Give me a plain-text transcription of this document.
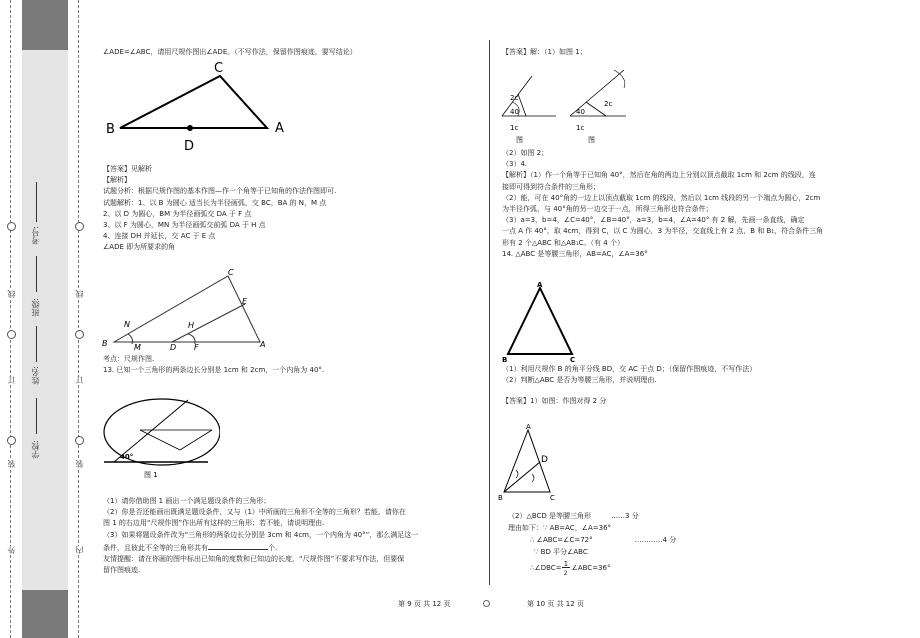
外
装
订
线
内
装
订
线
学校:
姓名:
班级:
考号:

∠ADE=∠ABC，请用尺规作图出∠ADE。（不写作法，保留作图痕迹，要写结论）

C
B	A
D

【答案】见解析

【解析】

试题分析：根据尺规作图的基本作图—作一个角等于已知角的作法作图即可.

试题解析：1、以 B 为圆心 适当长为半径画弧，交 BC，BA 的 N，M 点

2、以 D 为圆心，BM 为半径画弧交 DA 于 F 点

3、以 F 为圆心，MN 为半径画弧交前弧 DA 于 H 点

4、连接 DH 并延长，交 AC 于 E 点

∠ADE 即为所要求的角

C
E
N	H
B	M	D F	A

考点：尺规作图.

13. 已知一个三角形的两条边长分别是 1cm 和 2cm，一个内角为 40°.

40°
图 1

（1）请你借助图 1 画出一个满足题设条件的三角形；

（2）你是否还能画出既满足题设条件，又与（1）中所画的三角形不全等的三角形？若能，请你在

图 1 的右边用“尺规作图”作出所有这样的三角形；若不能，请说明理由.

（3）如果将题设条件改为“三角形的两条边长分别是 3cm 和 4cm，一个内角为 40°”，那么满足这一

条件，且彼此不全等的三角形共有	个.

友情提醒：请在你画的图中标出已知角的度数和已知边的长度，“尺规作图”不要求写作法，但要保

留作图痕迹.

【答案】解：（1）如图 1；

2c
40
1c
图
2c
40
1c
图

（2）如图 2；

（3）4.

【解析】（1）作一个角等于已知角 40°，然后在角的两边上分别以顶点截取 1cm 和 2cm 的线段，连

接即可得到符合条件的三角形；

（2）能，可在 40°角的一边上以顶点截取 1cm 的线段，然后以 1cm 线段的另一个端点为圆心，2cm

为半径作弧，与 40°角的另一边交于一点，所得三角形也符合条件；

（3）a=3，b=4，∠C=40°，∠B=40°，a=3，b=4，∠A=40° 有 2 解，先画一条直线，确定

一点 A 作 40°，取 4cm，得到 C，以 C 为圆心，3 为半径，交直线上有 2 点，B 和 B₁，符合条件三角

形有 2 个△ABC 和△AB₁C。（有 4 个）

14. △ABC 是等腰三角形，AB=AC，∠A=36°

A
B	C

（1）利用尺规作 B 的角平分线 BD，交 AC 于点 D；（保留作图痕迹，不写作法）

（2）判断△ABC 是否为等腰三角形，并说明理由.

【答案】1）如图：作图对得 2 分

A
D
B	C

（2）△BCD 是等腰三角形	……3 分

理由如下：∵ AB=AC，∠A=36°

∴ ∠ABC=∠C=72°	…………4 分

∵ BD 平分∠ABC

∴∠DBC=
$\frac{1}{2}$
∠ABC=36°

第 9 页 共 12 页	第 10 页 共 12 页
